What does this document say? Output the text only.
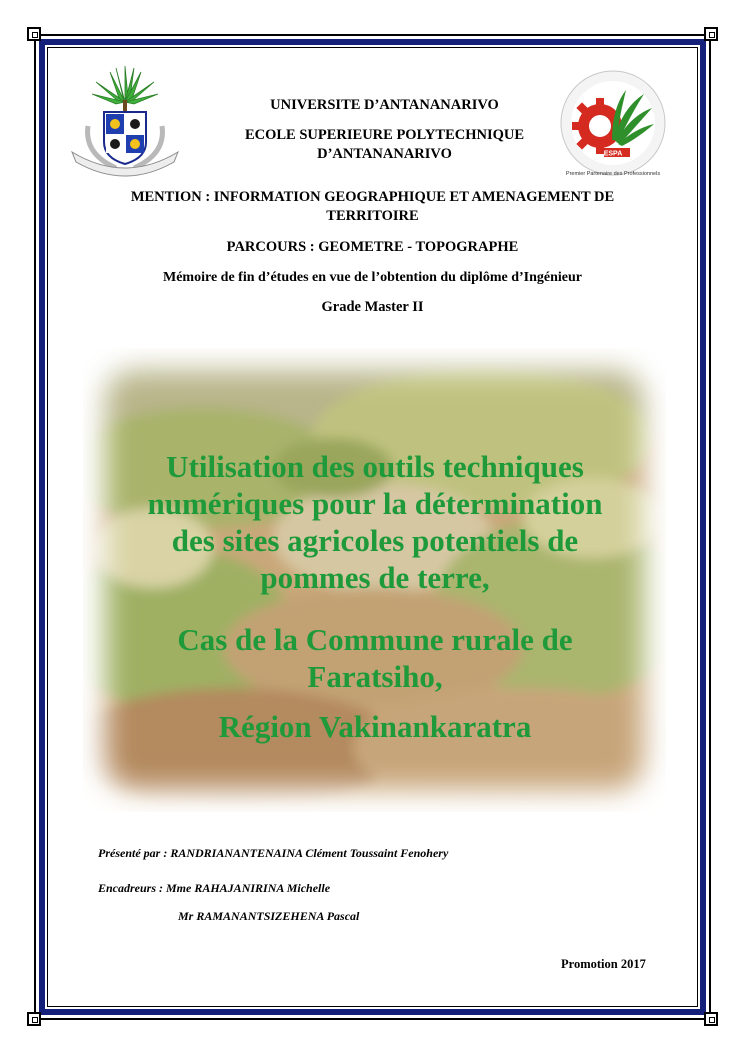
ESPA
Premier Partenaire des Professionnels
UNIVERSITE D’ANTANANARIVO
ECOLE SUPERIEURE POLYTECHNIQUE
D’ANTANANARIVO
MENTION : INFORMATION GEOGRAPHIQUE ET AMENAGEMENT DE
TERRITOIRE
PARCOURS : GEOMETRE - TOPOGRAPHE
Mémoire de fin d’études en vue de l’obtention du diplôme d’Ingénieur
Grade Master II
Utilisation des outils techniques
numériques pour la détermination
des sites agricoles potentiels de
pommes de terre,
Cas de la Commune rurale de
Faratsiho,
Région Vakinankaratra
Présenté par : RANDRIANANTENAINA Clément Toussaint Fenohery
Encadreurs : Mme RAHAJANIRINA Michelle
Mr RAMANANTSIZEHENA Pascal
Promotion 2017
